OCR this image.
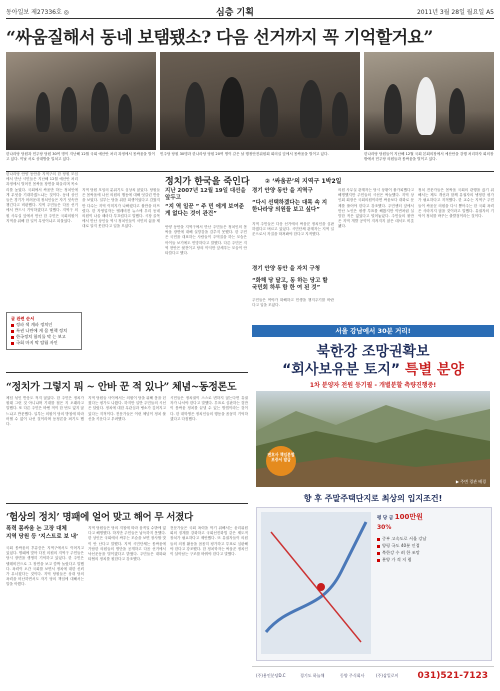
동아일보 제27336호 ◎	심층 기획	2011년 3월 28일 월요일 A5
“싸움질해서 동네 보탬됐소? 다음 선거까지 꼭 기억할거요”
한나라당 당원과 민주당 당원 30여 명이 지난해 12월 국회 예산안 처리 과정에서 몸싸움을 벌이고 있다. 이날 서로 상대방을 밀치고 있다.
민주당 당원 30명과 한나라당 당원 20여 명이 같은 날 행정안전위원회 회의실 앞에서 몸싸움을 벌이고 있다.	한나라당 당원들이 지난해 12월 국회 본회의장에서 예산안을 강행 처리하자 회의장 밖에서 민주당 의원들과 몸싸움을 벌이고 있다.
정치가 한국을 죽인다	② ‘싸움꾼’의 지역구 1박2일
한나라당 안양 동안을 지역구의 한 당원 모임에서 만난 시민들은 지난해 12월 예산안 처리 과정에서 벌어진 몸싸움 장면을 떠올리며 목소리를 높였다. 국회에서 싸움만 하는 정치인에게 무엇을 기대하겠느냐는 것이다. 동네 상인들은 경기가 어려운데 정치인들은 자기 잇속만 챙긴다고 비판했다. 지역 주민들은 다음 선거에서 반드시 기억하겠다고 말했다. 지역구 의원 사무실 앞에서 만난 한 주민은 국회의원이 지역을 위해 한 일이 무엇이냐고 되물었다.
지역 당원 모임의 분위기도 심상치 않았다. 당원들은 몸싸움에 나선 의원의 행동에 대해 엇갈린 반응을 보였다. 일부는 당을 위한 희생이었다고 감쌌지만 다수는 지역 이미지가 나빠졌다고 불만을 터뜨렸다. 한 자영업자는 텔레비전 뉴스에 우리 동네 의원이 나올 때마다 부끄럽다고 말했다. 시장 골목에서 만난 상인들 역시 정치인들이 서민의 삶을 제대로 알지 못한다고 입을 모았다.
글 관련 순서
정파 색 계파 정치인
특권 나만에 게 몸 면책 정치
한국정치 함의를 막 는 보고
국회 마지 막 탈립 자인
지난 2007년 12월 19일 대선을 앞두고
“지 역 일꾼 ” 주 민 에게 보여준 게 없다는 것이 관건”
안양 동안을 지역구에서 만난 주민들은 정치인의 몸싸움 장면에 대해 실망감을 감추지 못했다. 한 주민은 국민을 대표하는 사람들이 주먹질을 하는 모습은 아이들 보기에도 민망하다고 말했다. 다른 주민은 지역 현안은 뒷전이고 당의 이익만 앞세우는 모습이 안타깝다고 했다.
경기 안양 동안 을 지역구
“다시 선택하겠다는 대목 속 지 한나라당 의원들 보고 싶다”
지역 주민들은 다음 선거에서 싸움꾼 정치인을 심판하겠다고 벼르고 있었다. 시민단체 관계자는 지역 일꾼으로서 자질을 따져봐야 한다고 지적했다.
경기 안양 동안 을 자치 구청
“화해 당 달고, 동 하는 당고 할 국민회 하루 함 한 여 된 것”
주민들은 여야가 화해하고 민생을 챙겨주기를 바란다고 입을 모았다.
의원 사무실 관계자는 당시 상황이 불가피했다고 해명했지만 주민들의 시선은 싸늘했다. 지역 상인회 회장은 국회의원이라면 싸움보다 대화로 문제를 풀어야 한다고 강조했다. 주민센터 앞에서 만난 노인은 평생 투표를 해왔지만 이번처럼 실망한 적은 없었다고 털어놓았다. 주민들의 불만은 지역 개발 공약이 지켜지지 않은 데서도 비롯됐다.
정치 전문가들은 몸싸움 국회의 관행을 끊기 위해서는 제도 개선과 함께 유권자의 냉정한 평가가 필요하다고 지적했다. 한 교수는 지역구 주민들이 싸움꾼 의원을 다시 뽑아주는 한 국회 폭력은 사라지지 않을 것이라고 말했다. 유권자의 기억이 정치를 바꾸는 출발점이라는 것이다.
“정치가 그렇지 뭐 ~ 안바 꾼 적 있나” 체념~동정론도
체념 섞인 반응도 적지 않았다. 한 주민은 정치가 원래 그런 것 아니냐며 기대를 접은 지 오래라고 말했다. 또 다른 주민은 바뀐 적이 한 번도 없지 않느냐고 반문했다. 일부는 의원이 당의 방침에 따라 어쩔 수 없이 나선 것이라며 동정론을 펴기도 했다.
지역 당원들 사이에서는 의원이 당을 위해 몸을 던졌다는 평가도 나왔다. 하지만 일반 주민들의 시선은 달랐다. 정치에 대한 무관심과 냉소가 깊어지고 있다는 지적이다. 전문가들은 이런 체념이 정치 불신을 키운다고 우려했다.
시민들은 정치권이 스스로 변하지 않는다면 유권자가 나서야 한다고 말했다. 투표로 심판하는 것만이 몸싸움 정치를 끝낼 수 있는 방법이라는 것이다. 한 대학생은 정치인들의 행동을 꼼꼼히 기억하겠다고 다짐했다.
‘험상의 정치’ 명패에 얼어 맞고 해어 무 서졌다
폭력 몸싸움 논 고장 대체
지역 당원 등 ‘지스트로 보 내’
국회 몸싸움의 후유증은 지역구에서도 이어지고 있었다. 명패에 맞아 다친 의원의 지역구 주민들은 당시 장면을 생생히 기억하고 있었다. 한 주민은 텔레비전으로 그 장면을 보고 깜짝 놀랐다고 말했다. 폭력이 오간 국회를 보면서 정치에 대한 신뢰가 무너졌다는 것이다. 지역 당원들은 상대 당의 폭력을 비난하면서도 자기 당의 책임에 대해서는 말을 아꼈다.
지역 당원들은 당의 지침에 따라 움직일 수밖에 없다고 해명했다. 하지만 주민들은 납득하지 못했다. 한 상인은 국회에서 싸우는 모습을 보면 장사할 맛이 안 난다고 말했다. 지역 시민단체는 몸싸움에 가담한 의원들의 명단을 공개하고 다음 선거에서 낙선운동을 벌이겠다고 밝혔다. 주민들은 대화와 타협의 정치를 원한다고 강조했다.
전문가들은 국회 폭력을 막기 위해서는 윤리위원회의 징계를 강화하고 국회선진화법 같은 제도적 장치가 필요하다고 제안했다. 또 유권자들이 의원들의 의정 활동을 꼼꼼히 평가하고 투표로 심판해야 한다고 강조했다. 한 정치학자는 싸움꾼 정치인이 살아남는 구조를 바꿔야 한다고 말했다.
서울 강남에서 30분 거리!
북한강 조망권확보
“회사보유분 토지” 특별 분양
1차 분양자 전원 등기필 - 개별분할 측량진행중!
변호사 책임분할 보증서 발급
▶ 주변 경관 배경
향 후 주말주택단지로 최상의 입지조건!
평 당 금 100만원
30%
중부 고속도로 서울 강남
양평 국도 40분 인접
북한강 수 려 한 조망
분양 가 격 저 렴
(주)용인분당D.C	경기도 하늘채	동양 주식회사	(주)삼일로이 031)521-7123
